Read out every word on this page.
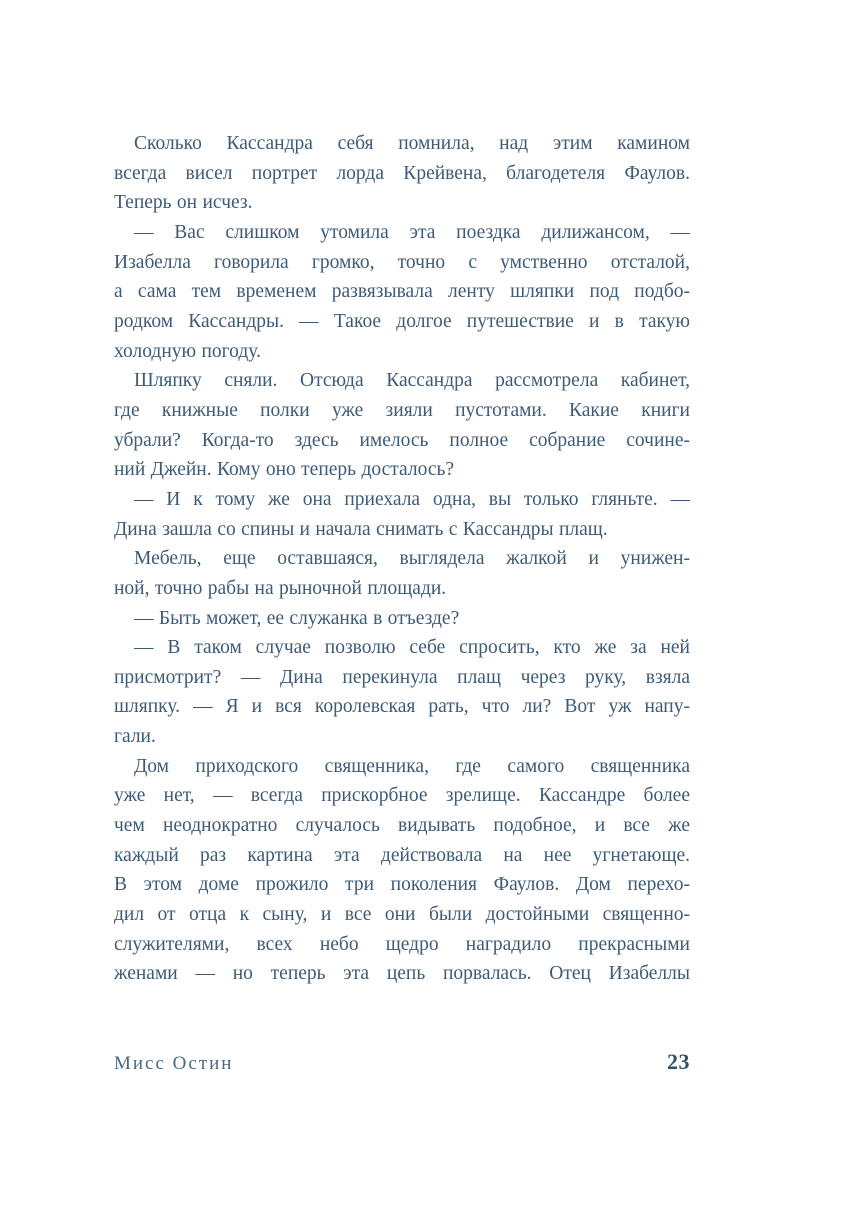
Сколько Кассандра себя помнила, над этим камином
всегда висел портрет лорда Крейвена, благодетеля Фаулов.
Теперь он исчез.
— Вас слишком утомила эта поездка дилижансом, —
Изабелла говорила громко, точно с умственно отсталой,
а сама тем временем развязывала ленту шляпки под подбо-
родком Кассандры. — Такое долгое путешествие и в такую
холодную погоду.
Шляпку сняли. Отсюда Кассандра рассмотрела кабинет,
где книжные полки уже зияли пустотами. Какие книги
убрали? Когда-то здесь имелось полное собрание сочине-
ний Джейн. Кому оно теперь досталось?
— И к тому же она приехала одна, вы только гляньте. —
Дина зашла со спины и начала снимать с Кассандры плащ.
Мебель, еще оставшаяся, выглядела жалкой и унижен-
ной, точно рабы на рыночной площади.
— Быть может, ее служанка в отъезде?
— В таком случае позволю себе спросить, кто же за ней
присмотрит? — Дина перекинула плащ через руку, взяла
шляпку. — Я и вся королевская рать, что ли? Вот уж напу-
гали.
Дом приходского священника, где самого священника
уже нет, — всегда прискорбное зрелище. Кассандре более
чем неоднократно случалось видывать подобное, и все же
каждый раз картина эта действовала на нее угнетающе.
В этом доме прожило три поколения Фаулов. Дом перехо-
дил от отца к сыну, и все они были достойными священно-
служителями, всех небо щедро наградило прекрасными
женами — но теперь эта цепь порвалась. Отец Изабеллы
Мисс Остин	23
